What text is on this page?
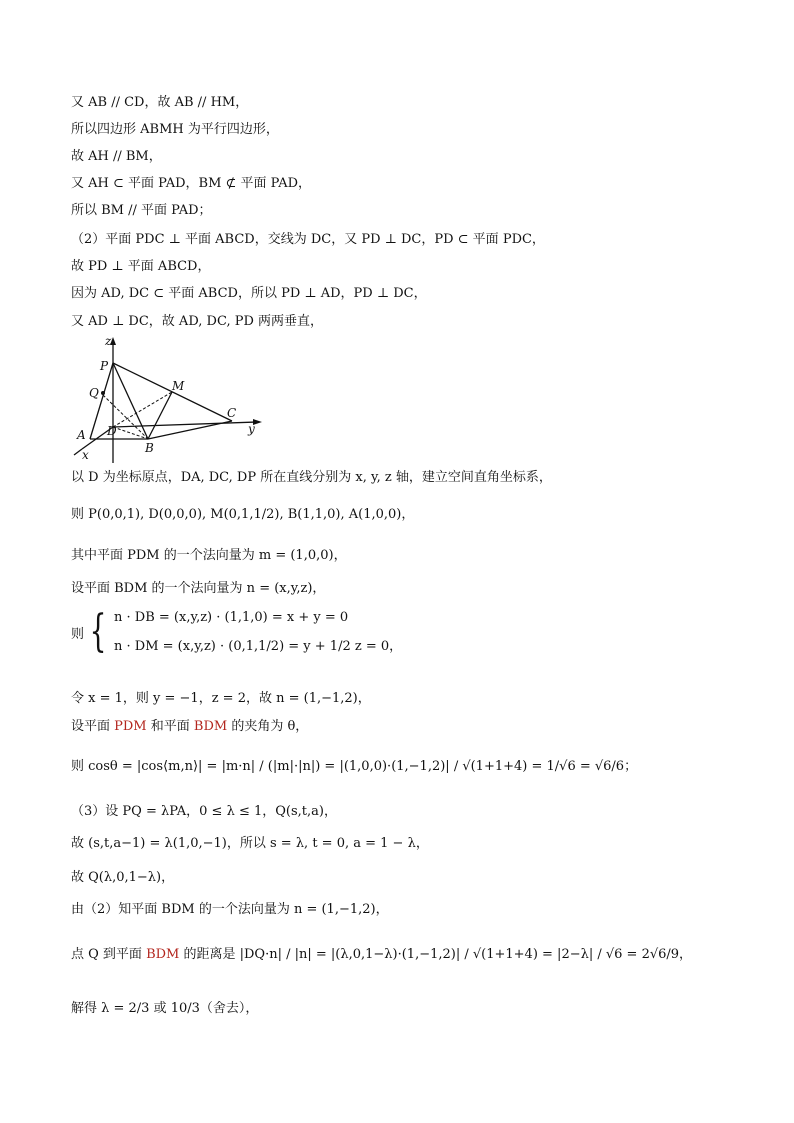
又 AB // CD，故 AB // HM，
所以四边形 ABMH 为平行四边形，
故 AH // BM，
又 AH ⊂ 平面 PAD，BM ⊄ 平面 PAD，
所以 BM // 平面 PAD；
（2）平面 PDC ⊥ 平面 ABCD，交线为 DC，又 PD ⊥ DC，PD ⊂ 平面 PDC，
故 PD ⊥ 平面 ABCD，
因为 AD, DC ⊂ 平面 ABCD，所以 PD ⊥ AD，PD ⊥ DC，
又 AD ⊥ DC，故 AD, DC, PD 两两垂直，
z
P
Q	M
A D
B
C
y
x
以 D 为坐标原点，DA, DC, DP 所在直线分别为 x, y, z 轴，建立空间直角坐标系，
则 P(0,0,1), D(0,0,0), M(0,1,1/2), B(1,1,0), A(1,0,0)，
其中平面 PDM 的一个法向量为 m = (1,0,0)，
设平面 BDM 的一个法向量为 n = (x,y,z)，
则 { n · DB = (x,y,z) · (1,1,0) = x + y = 0
n · DM = (x,y,z) · (0,1,1/2) = y + 1/2 z = 0，
令 x = 1，则 y = −1，z = 2，故 n = (1,−1,2)，
设平面 PDM 和平面 BDM 的夹角为 θ，
则 cosθ = |cos⟨m,n⟩| = |m·n| / (|m|·|n|) = |(1,0,0)·(1,−1,2)| / √(1+1+4) = 1/√6 = √6/6；
（3）设 PQ = λPA，0 ≤ λ ≤ 1，Q(s,t,a)，
故 (s,t,a−1) = λ(1,0,−1)，所以 s = λ, t = 0, a = 1 − λ，
故 Q(λ,0,1−λ)，
由（2）知平面 BDM 的一个法向量为 n = (1,−1,2)，
点 Q 到平面 BDM 的距离是 |DQ·n| / |n| = |(λ,0,1−λ)·(1,−1,2)| / √(1+1+4) = |2−λ| / √6 = 2√6/9，
解得 λ = 2/3 或 10/3（舍去），
